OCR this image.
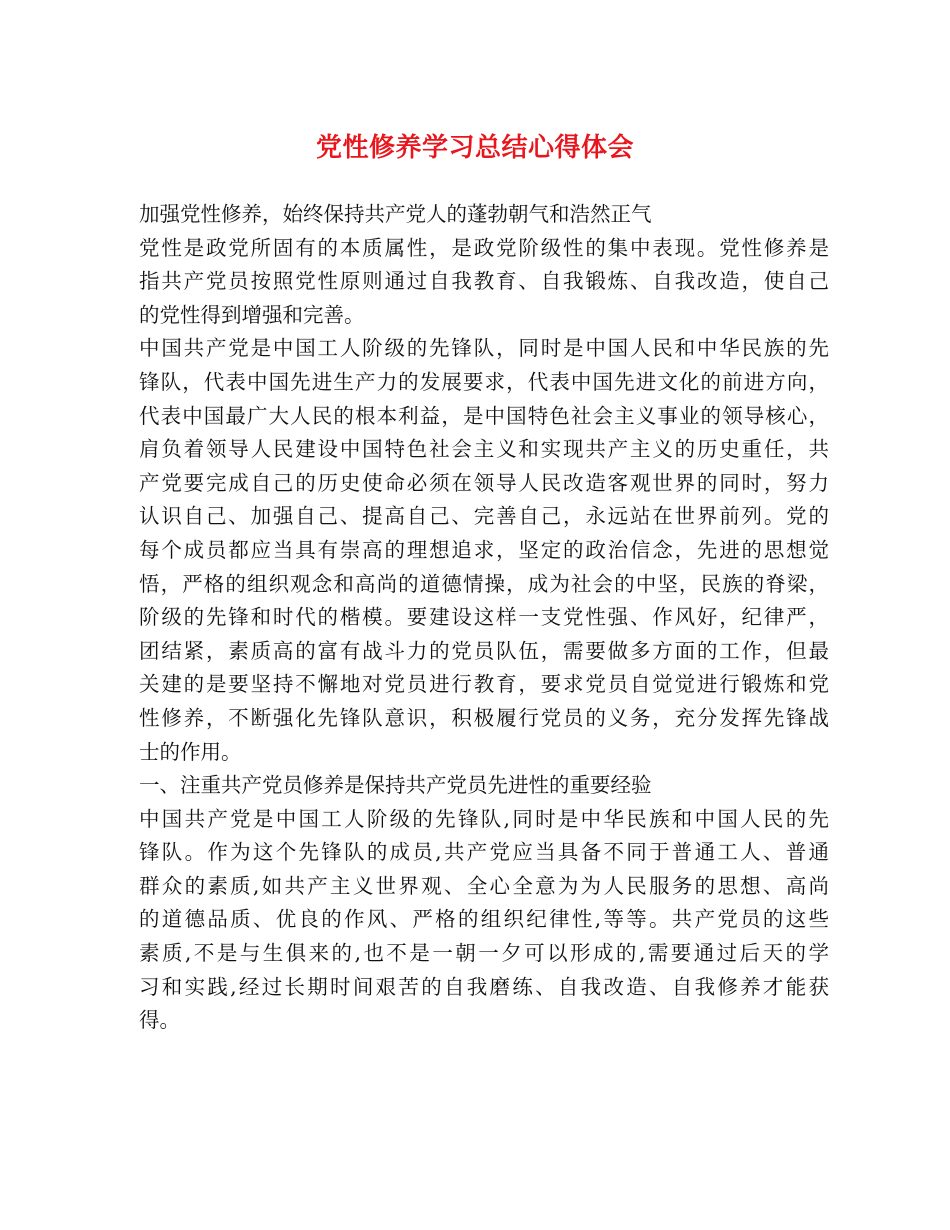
党性修养学习总结心得体会
加强党性修养，始终保持共产党人的蓬勃朝气和浩然正气
党性是政党所固有的本质属性，是政党阶级性的集中表现。党性修养是
指共产党员按照党性原则通过自我教育、自我锻炼、自我改造，使自己
的党性得到增强和完善。
中国共产党是中国工人阶级的先锋队，同时是中国人民和中华民族的先
锋队，代表中国先进生产力的发展要求，代表中国先进文化的前进方向，
代表中国最广大人民的根本利益，是中国特色社会主义事业的领导核心，
肩负着领导人民建设中国特色社会主义和实现共产主义的历史重任，共
产党要完成自己的历史使命必须在领导人民改造客观世界的同时，努力
认识自己、加强自己、提高自己、完善自己，永远站在世界前列。党的
每个成员都应当具有崇高的理想追求，坚定的政治信念，先进的思想觉
悟，严格的组织观念和高尚的道德情操，成为社会的中坚，民族的脊梁，
阶级的先锋和时代的楷模。要建设这样一支党性强、作风好，纪律严，
团结紧，素质高的富有战斗力的党员队伍，需要做多方面的工作，但最
关建的是要坚持不懈地对党员进行教育，要求党员自觉觉进行锻炼和党
性修养，不断强化先锋队意识，积极履行党员的义务，充分发挥先锋战
士的作用。
一、注重共产党员修养是保持共产党员先进性的重要经验
中国共产党是中国工人阶级的先锋队,同时是中华民族和中国人民的先
锋队。作为这个先锋队的成员,共产党应当具备不同于普通工人、普通
群众的素质,如共产主义世界观、全心全意为为人民服务的思想、高尚
的道德品质、优良的作风、严格的组织纪律性,等等。共产党员的这些
素质,不是与生俱来的,也不是一朝一夕可以形成的,需要通过后天的学
习和实践,经过长期时间艰苦的自我磨练、自我改造、自我修养才能获
得。
